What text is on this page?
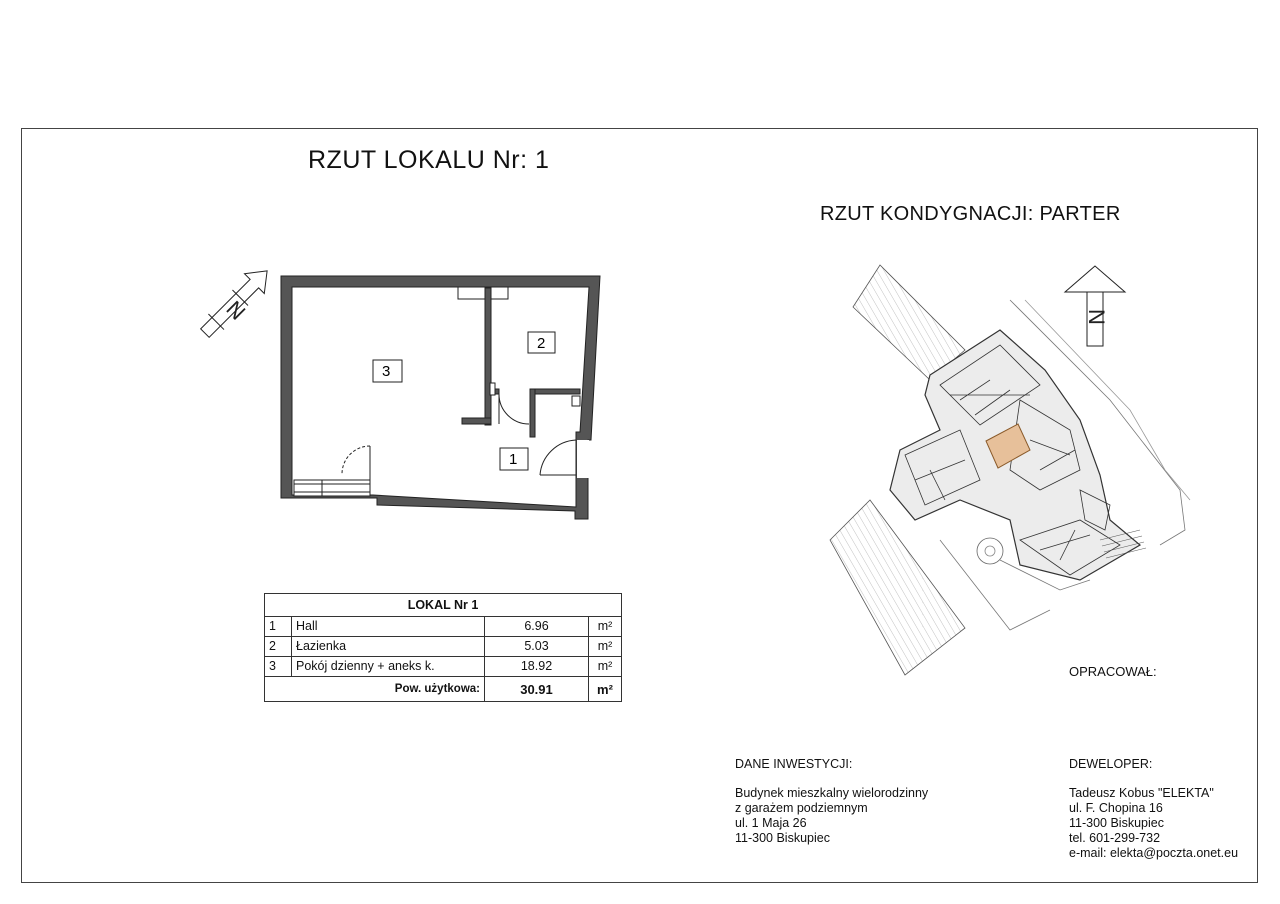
RZUT LOKALU Nr: 1
RZUT KONDYGNACJI: PARTER
2
3
1
N	N
LOKAL Nr 1			
1	Hall	6.96	m²
2	Łazienka	5.03	m²
3	Pokój dzienny + aneks k.	18.92	m²
Pow. użytkowa:		30.91	m²
OPRACOWAŁ:
DANE INWESTYCJI:
Budynek mieszkalny wielorodzinny
z garażem podziemnym
ul. 1 Maja 26
11-300 Biskupiec
DEWELOPER:
Tadeusz Kobus "ELEKTA"
ul. F. Chopina 16
11-300 Biskupiec
tel. 601-299-732
e-mail: elekta@poczta.onet.eu
